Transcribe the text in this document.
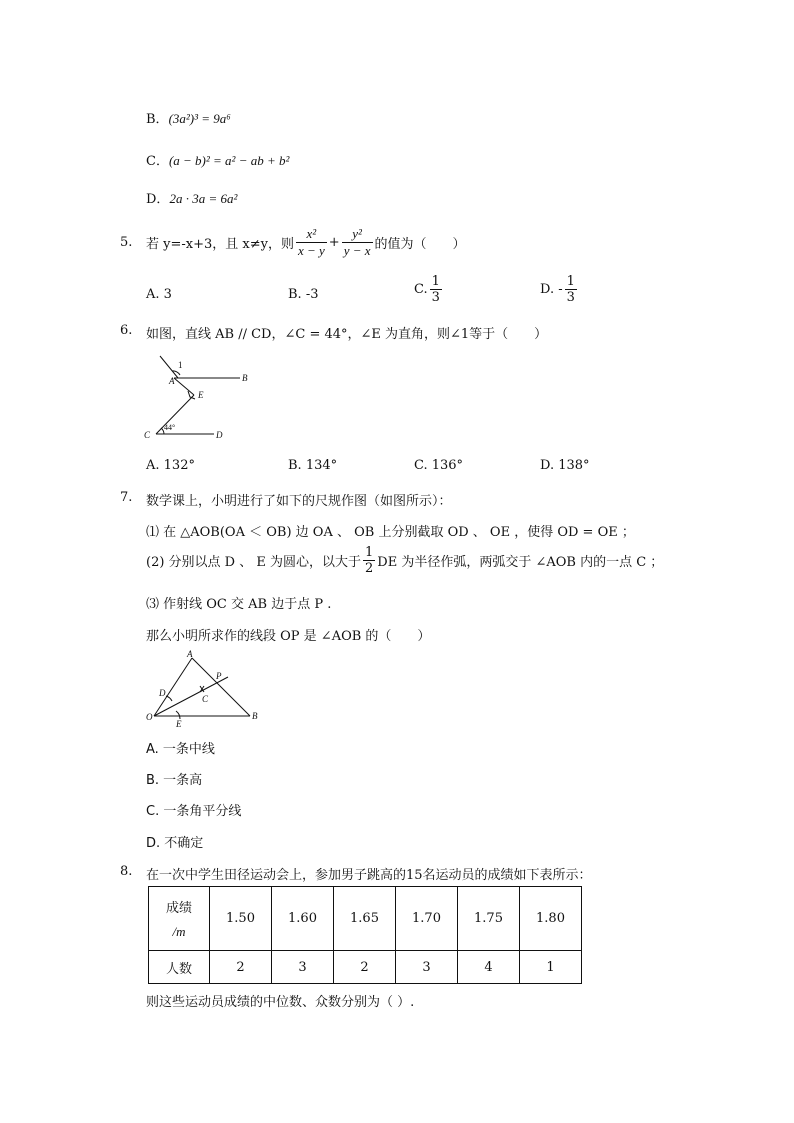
B．(3a²)³ = 9a⁶
C．(a − b)² = a² − ab + b²
D．2a · 3a = 6a²
5. 若 y=-x+3，且 x≠y，则 $\frac{\text{x²}}{x - y} + \frac{\text{y²}}{y - x}$ 的值为（　　）
A. 3	B. -3	C. $\frac{1}{3}$	D. - $\frac{1}{3}$
6. 如图，直线 AB // CD，∠C = 44°，∠E 为直角，则∠1等于（　　）
1
A	B
E
C	D
44°
A. 132°	B. 134°	C. 136°	D. 138°
7. 数学课上，小明进行了如下的尺规作图（如图所示）：
⑴ 在 △AOB(OA ＜ OB) 边 OA 、 OB 上分别截取 OD 、 OE ，使得 OD = OE ；
(2) 分别以点 D 、 E 为圆心，以大于 $\frac{1}{2}$ DE 为半径作弧，两弧交于 ∠AOB 内的一点 C ；
⑶ 作射线 OC 交 AB 边于点 P .
那么小明所求作的线段 OP 是 ∠AOB 的（　　）
A
P
D
C
O
E
B
A. 一条中线
B. 一条高
C. 一条角平分线
D. 不确定
8. 在一次中学生田径运动会上，参加男子跳高的15名运动员的成绩如下表所示：
成绩
/m	1.50	1.60	1.65	1.70	1.75	1.80
人数	2	3	2	3	4	1
则这些运动员成绩的中位数、众数分别为（ ）.
